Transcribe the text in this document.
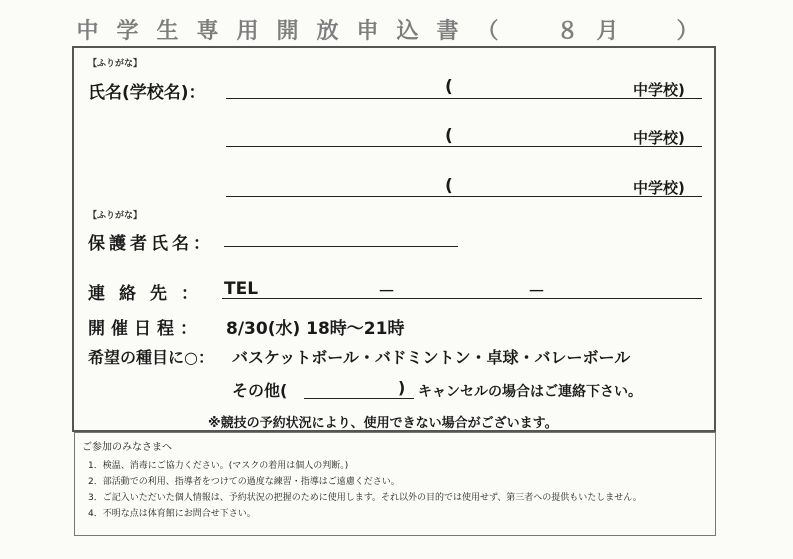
中学生専用開放申込書（　８月　）
【ふりがな】
氏名(学校名)：	(	中学校)
(	中学校)
(	中学校)
【ふりがな】
保護者氏名：
連絡先： TEL	－	－
開催日程： 8/30(水) 18時～21時
希望の種目に○： バスケットボール・バドミントン・卓球・バレーボール
その他(	) キャンセルの場合はご連絡下さい。
※競技の予約状況により、使用できない場合がございます。
ご参加のみなさまへ
1．検温、消毒にご協力ください。(マスクの着用は個人の判断。)
2．部活動での利用、指導者をつけての過度な練習・指導はご遠慮ください。
3．ご記入いただいた個人情報は、予約状況の把握のために使用します。それ以外の目的では使用せず、第三者への提供もいたしません。
4．不明な点は体育館にお問合せ下さい。
